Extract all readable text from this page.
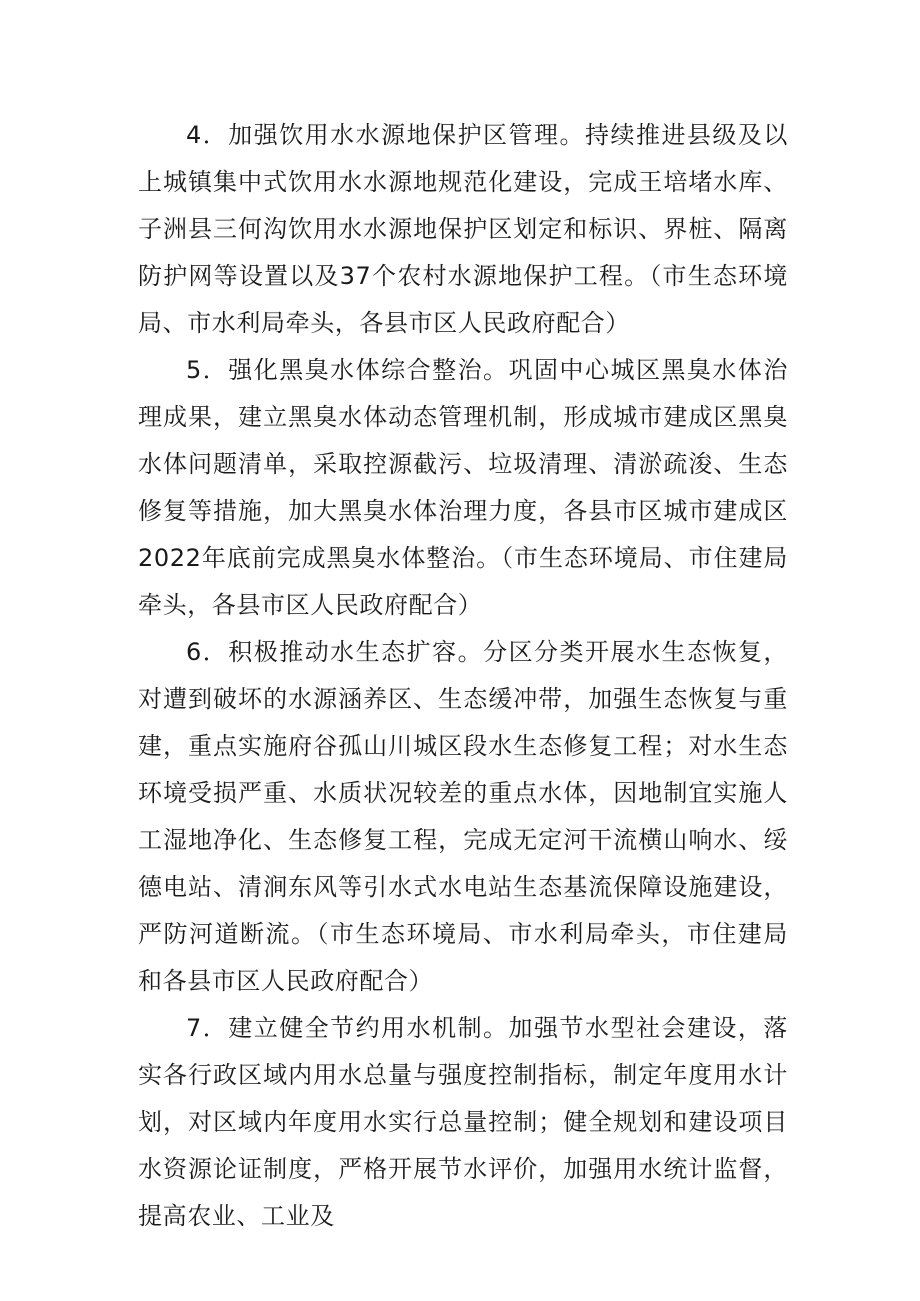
4．加强饮用水水源地保护区管理。持续推进县级及以上城镇集中式饮用水水源地规范化建设，完成王培堵水库、子洲县三何沟饮用水水源地保护区划定和标识、界桩、隔离防护网等设置以及37个农村水源地保护工程。（市生态环境局、市水利局牵头，各县市区人民政府配合）

5．强化黑臭水体综合整治。巩固中心城区黑臭水体治理成果，建立黑臭水体动态管理机制，形成城市建成区黑臭水体问题清单，采取控源截污、垃圾清理、清淤疏浚、生态修复等措施，加大黑臭水体治理力度，各县市区城市建成区2022年底前完成黑臭水体整治。（市生态环境局、市住建局牵头，各县市区人民政府配合）

6．积极推动水生态扩容。分区分类开展水生态恢复，对遭到破坏的水源涵养区、生态缓冲带，加强生态恢复与重建，重点实施府谷孤山川城区段水生态修复工程；对水生态环境受损严重、水质状况较差的重点水体，因地制宜实施人工湿地净化、生态修复工程，完成无定河干流横山响水、绥德电站、清涧东风等引水式水电站生态基流保障设施建设，严防河道断流。（市生态环境局、市水利局牵头，市住建局和各县市区人民政府配合）

7．建立健全节约用水机制。加强节水型社会建设，落实各行政区域内用水总量与强度控制指标，制定年度用水计划，对区域内年度用水实行总量控制；健全规划和建设项目水资源论证制度，严格开展节水评价，加强用水统计监督，提高农业、工业及
